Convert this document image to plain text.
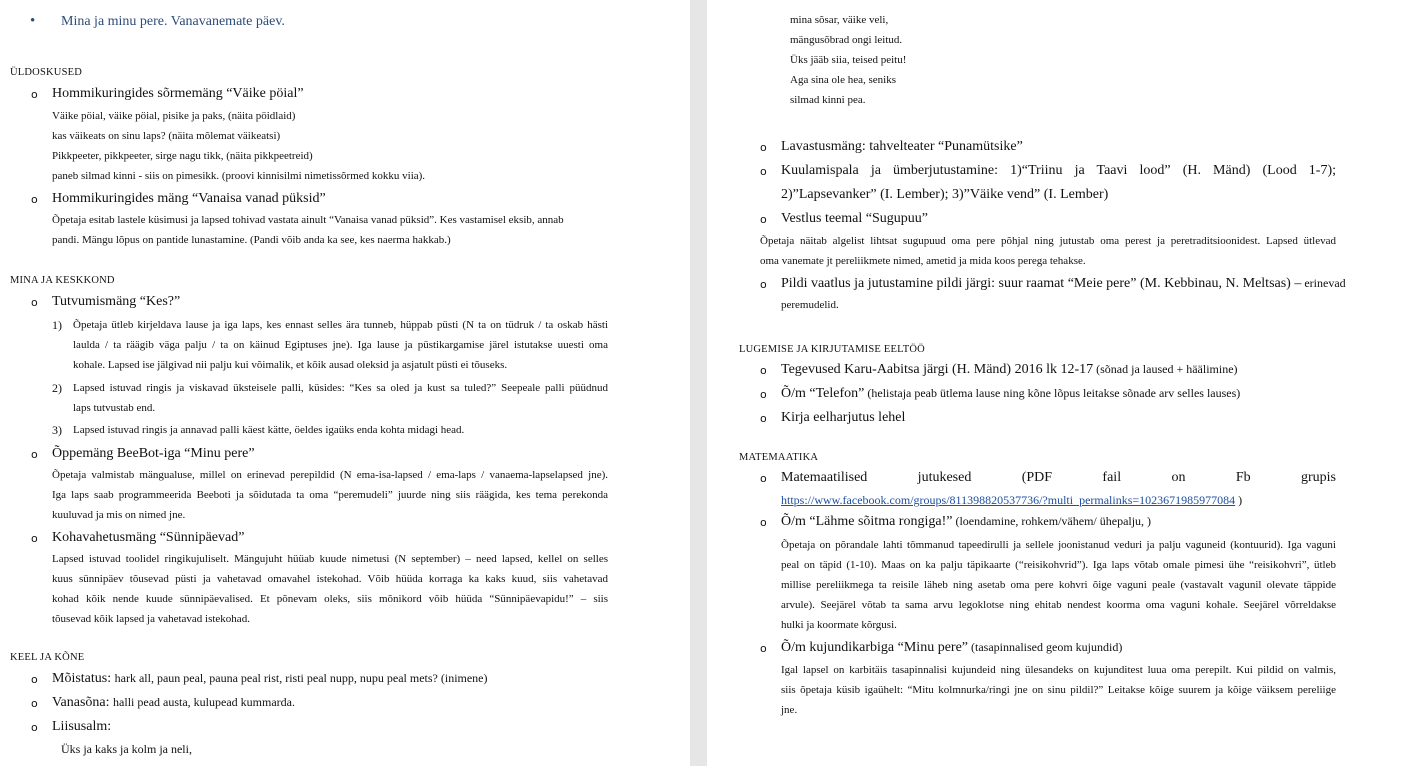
• Mina ja minu pere. Vanavanemate päev.
ÜLDOSKUSED
o Hommikuringides sõrmemäng “Väike pöial”
Väike pöial, väike pöial, pisike ja paks, (näita pöidlaid)
kas väikeats on sinu laps? (näita mõlemat väikeatsi)
Pikkpeeter, pikkpeeter, sirge nagu tikk, (näita pikkpeetreid)
paneb silmad kinni - siis on pimesikk. (proovi kinnisilmi nimetissõrmed kokku viia).
o Hommikuringides mäng “Vanaisa vanad püksid”
Õpetaja esitab lastele küsimusi ja lapsed tohivad vastata ainult “Vanaisa vanad püksid”. Kes vastamisel eksib, annab
pandi. Mängu lõpus on pantide lunastamine. (Pandi võib anda ka see, kes naerma hakkab.)
MINA JA KESKKOND
o Tutvumismäng “Kes?”
1) Õpetaja ütleb kirjeldava lause ja iga laps, kes ennast selles ära tunneb, hüppab püsti (N ta on tüdruk / ta oskab hästi
laulda / ta räägib väga palju / ta on käinud Egiptuses jne). Iga lause ja püstikargamise järel istutakse uuesti oma
kohale. Lapsed ise jälgivad nii palju kui võimalik, et kõik ausad oleksid ja asjatult püsti ei tõuseks.
2) Lapsed istuvad ringis ja viskavad üksteisele palli, küsides: “Kes sa oled ja kust sa tuled?” Seepeale palli püüdnud
laps tutvustab end.
3) Lapsed istuvad ringis ja annavad palli käest kätte, öeldes igaüks enda kohta midagi head.
o Õppemäng BeeBot-iga “Minu pere”
Õpetaja valmistab mängualuse, millel on erinevad perepildid (N ema-isa-lapsed / ema-laps / vanaema-lapselapsed jne).
Iga laps saab programmeerida Beeboti ja sõidutada ta oma “peremudeli” juurde ning siis räägida, kes tema perekonda
kuuluvad ja mis on nimed jne.
o Kohavahetusmäng “Sünnipäevad”
Lapsed istuvad toolidel ringikujuliselt. Mängujuht hüüab kuude nimetusi (N september) – need lapsed, kellel on selles
kuus sünnipäev tõusevad püsti ja vahetavad omavahel istekohad. Võib hüüda korraga ka kaks kuud, siis vahetavad
kohad kõik nende kuude sünnipäevalised. Et põnevam oleks, siis mõnikord võib hüüda “Sünnipäevapidu!” – siis
tõusevad kõik lapsed ja vahetavad istekohad.
KEEL JA KÕNE
o Mõistatus: hark all, paun peal, pauna peal rist, risti peal nupp, nupu peal mets? (inimene)
o Vanasõna: halli pead austa, kulupead kummarda.
o Liisusalm:
Üks ja kaks ja kolm ja neli,
mina sõsar, väike veli,
mängusõbrad ongi leitud.
Üks jääb siia, teised peitu!
Aga sina ole hea, seniks
silmad kinni pea.
o Lavastusmäng: tahvelteater “Punamütsike”
o Kuulamispala ja ümberjutustamine: 1)“Triinu ja Taavi lood” (H. Mänd) (Lood 1-7);
2)”Lapsevanker” (I. Lember); 3)”Väike vend” (I. Lember)
o Vestlus teemal “Sugupuu”
Õpetaja näitab algelist lihtsat sugupuud oma pere põhjal ning jutustab oma perest ja peretraditsioonidest. Lapsed ütlevad
oma vanemate jt pereliikmete nimed, ametid ja mida koos perega tehakse.
o Pildi vaatlus ja jutustamine pildi järgi: suur raamat “Meie pere” (M. Kebbinau, N. Meltsas) – erinevad
peremudelid.
LUGEMISE JA KIRJUTAMISE EELTÖÖ
o Tegevused Karu-Aabitsa järgi (H. Mänd) 2016 lk 12-17 (sõnad ja laused + häälimine)
o Õ/m “Telefon” (helistaja peab ütlema lause ning kõne lõpus leitakse sõnade arv selles lauses)
o Kirja eelharjutus lehel
MATEMAATIKA
o Matemaatilised jutukesed (PDF fail on Fb grupis
https://www.facebook.com/groups/811398820537736/?multi_permalinks=1023671985977084 )
o Õ/m “Lähme sõitma rongiga!” (loendamine, rohkem/vähem/ ühepalju, )
Õpetaja on põrandale lahti tõmmanud tapeedirulli ja sellele joonistanud veduri ja palju vaguneid (kontuurid). Iga vaguni
peal on täpid (1-10). Maas on ka palju täpikaarte (“reisikohvrid”). Iga laps võtab omale pimesi ühe “reisikohvri”, ütleb
millise pereliikmega ta reisile läheb ning asetab oma pere kohvri õige vaguni peale (vastavalt vagunil olevate täppide
arvule). Seejärel võtab ta sama arvu legoklotse ning ehitab nendest koorma oma vaguni kohale. Seejärel võrreldakse
hulki ja koormate kõrgusi.
o Õ/m kujundikarbiga “Minu pere” (tasapinnalised geom kujundid)
Igal lapsel on karbitäis tasapinnalisi kujundeid ning ülesandeks on kujunditest luua oma perepilt. Kui pildid on valmis,
siis õpetaja küsib igaühelt: “Mitu kolmnurka/ringi jne on sinu pildil?” Leitakse kõige suurem ja kõige väiksem pereliige
jne.
